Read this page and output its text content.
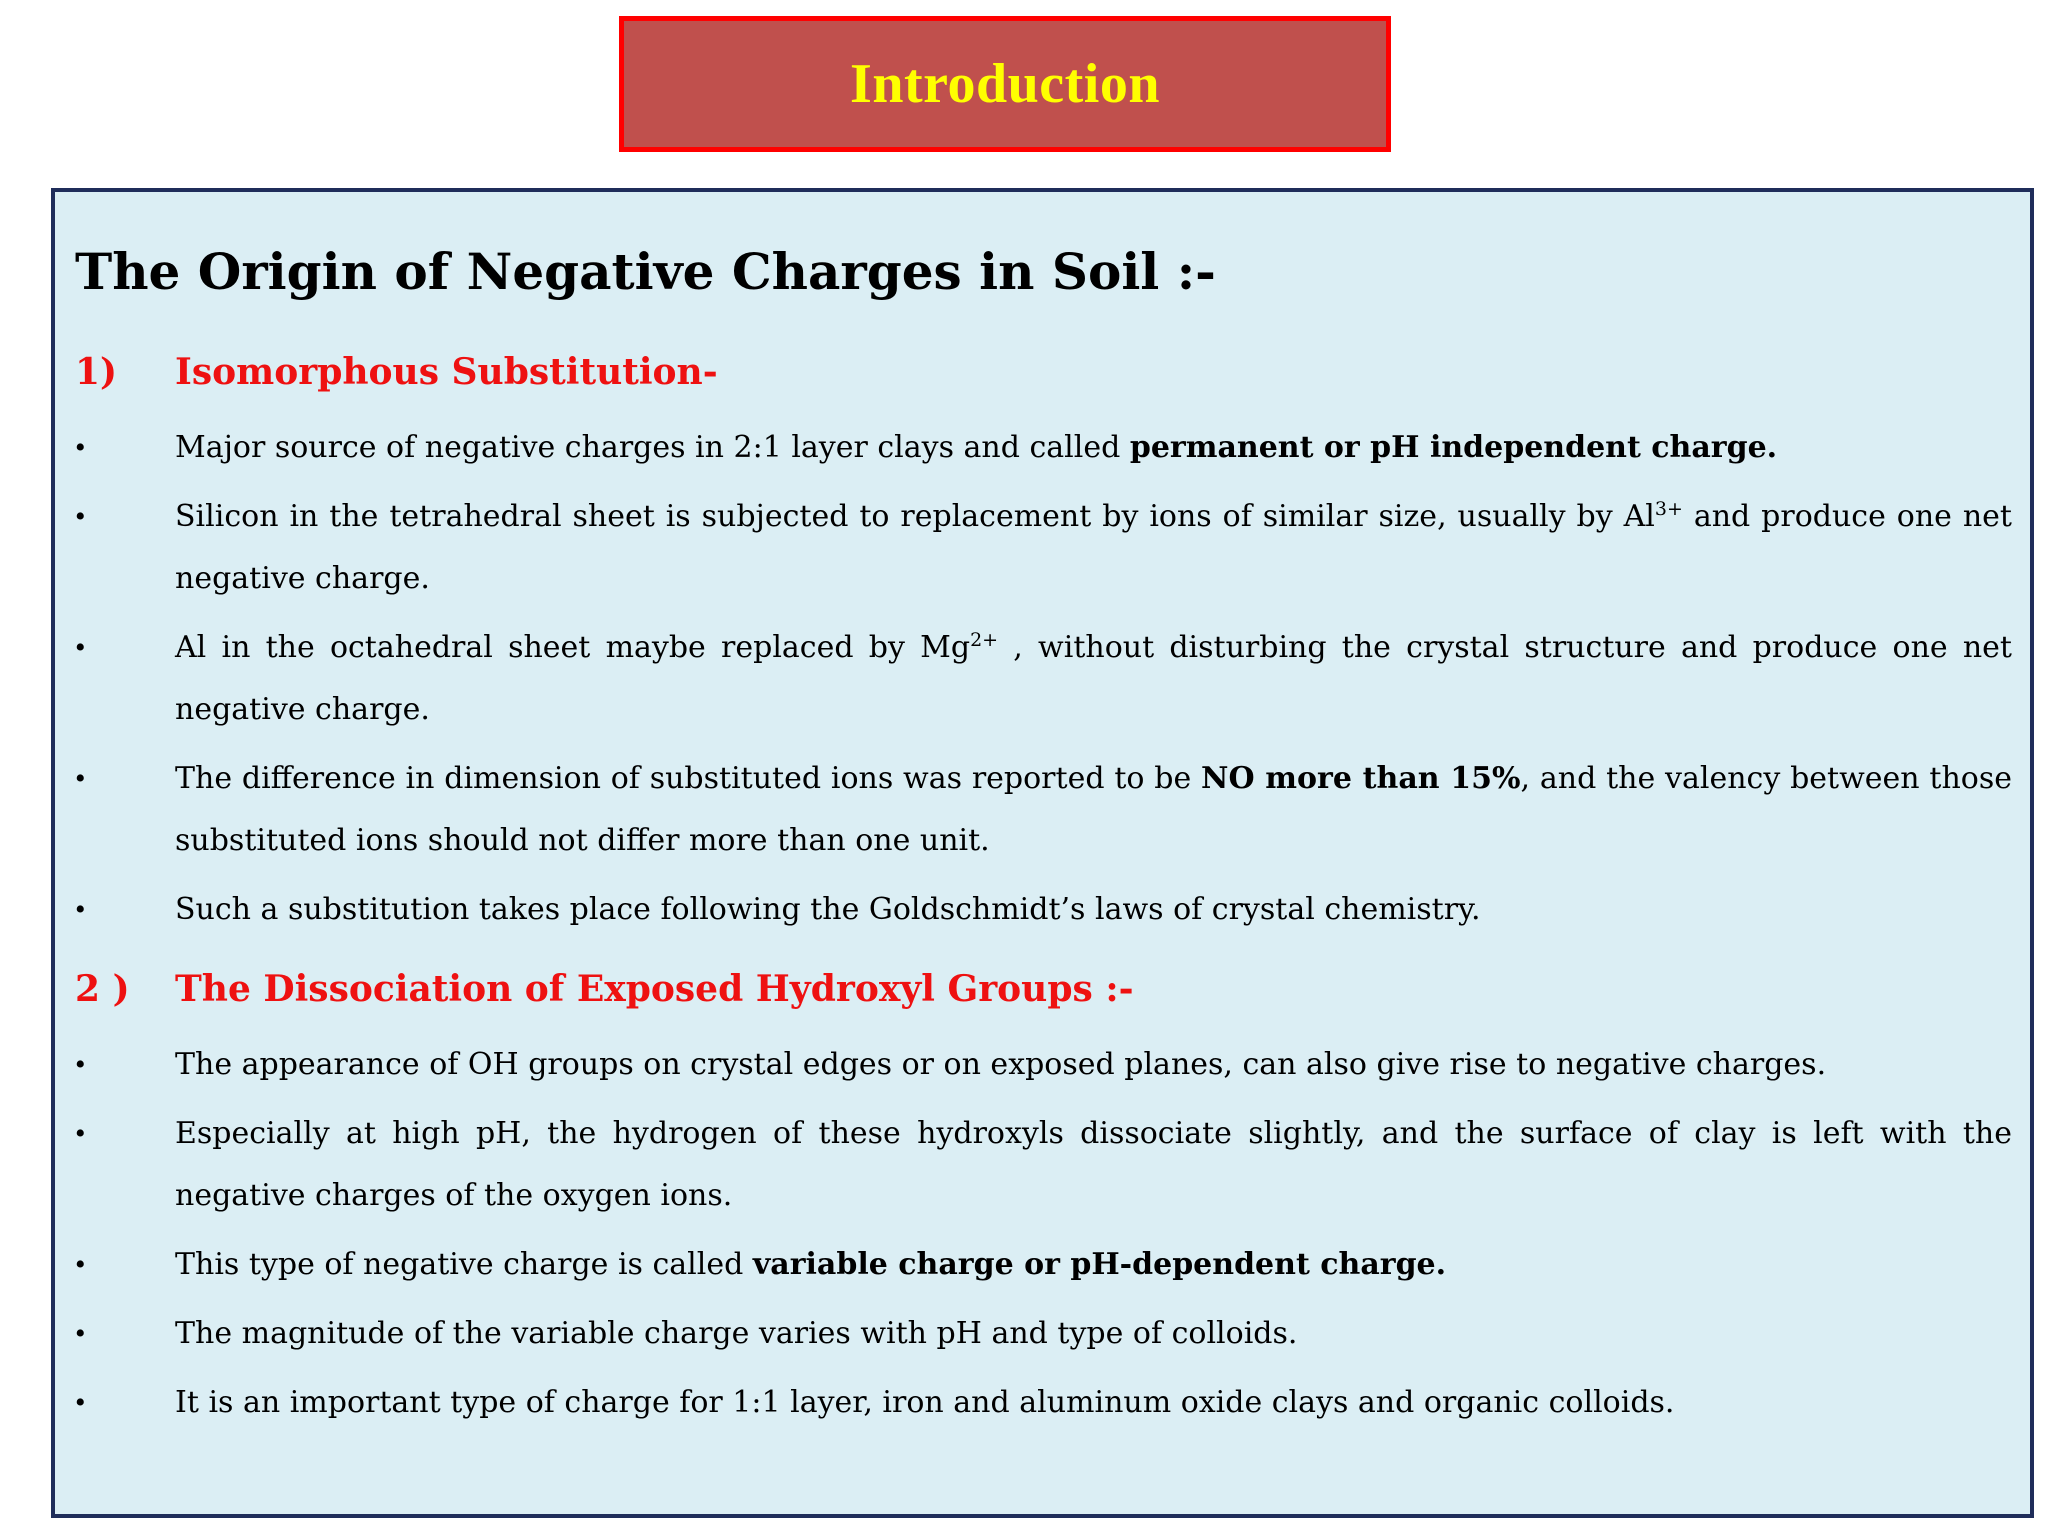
Introduction
The Origin of Negative Charges in Soil :-
1) Isomorphous Substitution-
•	Major source of negative charges in 2:1 layer clays and called permanent or pH independent charge.
•	Silicon in the tetrahedral sheet is subjected to replacement by ions of similar size, usually by $Al^{3+}$ and produce one net negative charge.
•	Al in the octahedral sheet maybe replaced by $Mg^{2+}$ , without disturbing the crystal structure and produce one net negative charge.
•	The difference in dimension of substituted ions was reported to be NO more than 15%, and the valency between those substituted ions should not differ more than one unit.
•	Such a substitution takes place following the Goldschmidt’s laws of crystal chemistry.
2 ) The Dissociation of Exposed Hydroxyl Groups :-
•	The appearance of OH groups on crystal edges or on exposed planes, can also give rise to negative charges.
•	Especially at high pH, the hydrogen of these hydroxyls dissociate slightly, and the surface of clay is left with the negative charges of the oxygen ions.
•	This type of negative charge is called variable charge or pH-dependent charge.
•	The magnitude of the variable charge varies with pH and type of colloids.
•	It is an important type of charge for 1:1 layer, iron and aluminum oxide clays and organic colloids.
